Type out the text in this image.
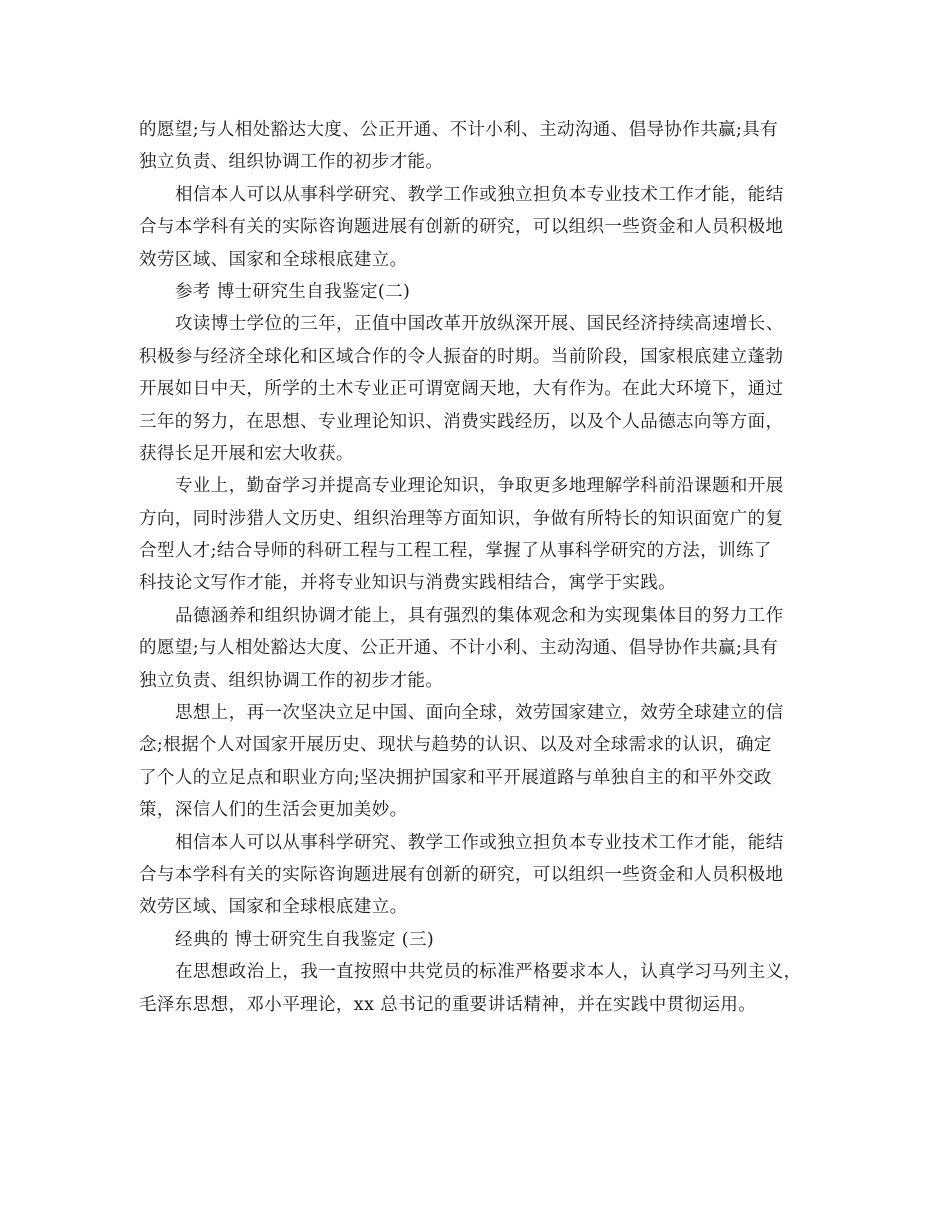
的愿望;与人相处豁达大度、公正开通、不计小利、主动沟通、倡导协作共赢;具有
独立负责、组织协调工作的初步才能。
相信本人可以从事科学研究、教学工作或独立担负本专业技术工作才能，能结
合与本学科有关的实际咨询题进展有创新的研究，可以组织一些资金和人员积极地
效劳区域、国家和全球根底建立。
参考 博士研究生自我鉴定(二)
攻读博士学位的三年，正值中国改革开放纵深开展、国民经济持续高速增长、
积极参与经济全球化和区域合作的令人振奋的时期。当前阶段，国家根底建立蓬勃
开展如日中天，所学的土木专业正可谓宽阔天地，大有作为。在此大环境下，通过
三年的努力，在思想、专业理论知识、消费实践经历，以及个人品德志向等方面，
获得长足开展和宏大收获。
专业上，勤奋学习并提高专业理论知识，争取更多地理解学科前沿课题和开展
方向，同时涉猎人文历史、组织治理等方面知识，争做有所特长的知识面宽广的复
合型人才;结合导师的科研工程与工程工程，掌握了从事科学研究的方法，训练了
科技论文写作才能，并将专业知识与消费实践相结合，寓学于实践。
品德涵养和组织协调才能上，具有强烈的集体观念和为实现集体目的努力工作
的愿望;与人相处豁达大度、公正开通、不计小利、主动沟通、倡导协作共赢;具有
独立负责、组织协调工作的初步才能。
思想上，再一次坚决立足中国、面向全球，效劳国家建立，效劳全球建立的信
念;根据个人对国家开展历史、现状与趋势的认识、以及对全球需求的认识，确定
了个人的立足点和职业方向;坚决拥护国家和平开展道路与单独自主的和平外交政
策，深信人们的生活会更加美妙。
相信本人可以从事科学研究、教学工作或独立担负本专业技术工作才能，能结
合与本学科有关的实际咨询题进展有创新的研究，可以组织一些资金和人员积极地
效劳区域、国家和全球根底建立。
经典的 博士研究生自我鉴定 (三)
在思想政治上，我一直按照中共党员的标准严格要求本人，认真学习马列主义，
毛泽东思想，邓小平理论，xx 总书记的重要讲话精神，并在实践中贯彻运用。
